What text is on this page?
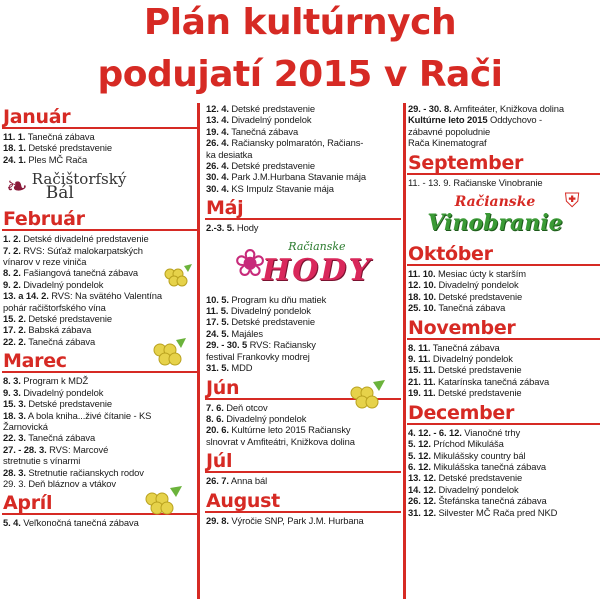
Plán kultúrnych
podujatí 2015 v Rači
Január
11. 1. Tanečná zábava
18. 1. Detské predstavenie
24. 1. Ples MČ Rača
❧ Račištorfský
Bál
Február
1. 2. Detské divadelné predstavenie
7. 2. RVS: Súťaž malokarpatských
vínarov v reze viniča
8. 2. Fašiangová tanečná zábava
9. 2. Divadelný pondelok
13. a 14. 2. RVS: Na svätého Valentína
pohár račištorfského vína
15. 2. Detské predstavenie
17. 2. Babská zábava
22. 2. Tanečná zábava
Marec
8. 3. Program k MDŽ
9. 3. Divadelný pondelok
15. 3. Detské predstavenie
18. 3. A bola kniha...živé čítanie - KS
Žarnovická
22. 3. Tanečná zábava
27. - 28. 3. RVS: Marcové
stretnutie s vínarmi
28. 3. Stretnutie račianskych rodov
29. 3. Deň bláznov a vtákov
Apríl
5. 4. Veľkonočná tanečná zábava
12. 4. Detské predstavenie
13. 4. Divadelný pondelok
19. 4. Tanečná zábava
26. 4. Račiansky polmaratón, Račians-
ka desiatka
26. 4. Detské predstavenie
30. 4. Park J.M.Hurbana Stavanie mája
30. 4. KS Impulz Stavanie mája
Máj
2.-3. 5. Hody
❀	Račianske
HODY
10. 5. Program ku dňu matiek
11. 5. Divadelný pondelok
17. 5. Detské predstavenie
24. 5. Majáles
29. - 30. 5 RVS: Račiansky
festival Frankovky modrej
31. 5. MDD
Jún
7. 6. Deň otcov
8. 6. Divadelný pondelok
20. 6. Kultúrne leto 2015 Račiansky
slnovrat v Amfiteátri, Knižkova dolina
Júl
26. 7. Anna bál
August
29. 8. Výročie SNP, Park J.M. Hurbana
29. - 30. 8. Amfiteáter, Knižkova dolina
Kultúrne leto 2015 Oddychovo -
zábavné popoludnie
Rača Kinematograf
September
11. - 13. 9. Račianske Vinobranie
Račianske
Vinobranie
⛨
Október
11. 10. Mesiac úcty k starším
12. 10. Divadelný pondelok
18. 10. Detské predstavenie
25. 10. Tanečná zábava
November
8. 11. Tanečná zábava
9. 11. Divadelný pondelok
15. 11. Detské predstavenie
21. 11. Katarínska tanečná zábava
19. 11. Detské predstavenie
December
4. 12. - 6. 12. Vianočné trhy
5. 12. Príchod Mikuláša
5. 12. Mikulášsky country bál
6. 12. Mikulášska tanečná zábava
13. 12. Detské predstavenie
14. 12. Divadelný pondelok
26. 12. Štefánska tanečná zábava
31. 12. Silvester MČ Rača pred NKD
